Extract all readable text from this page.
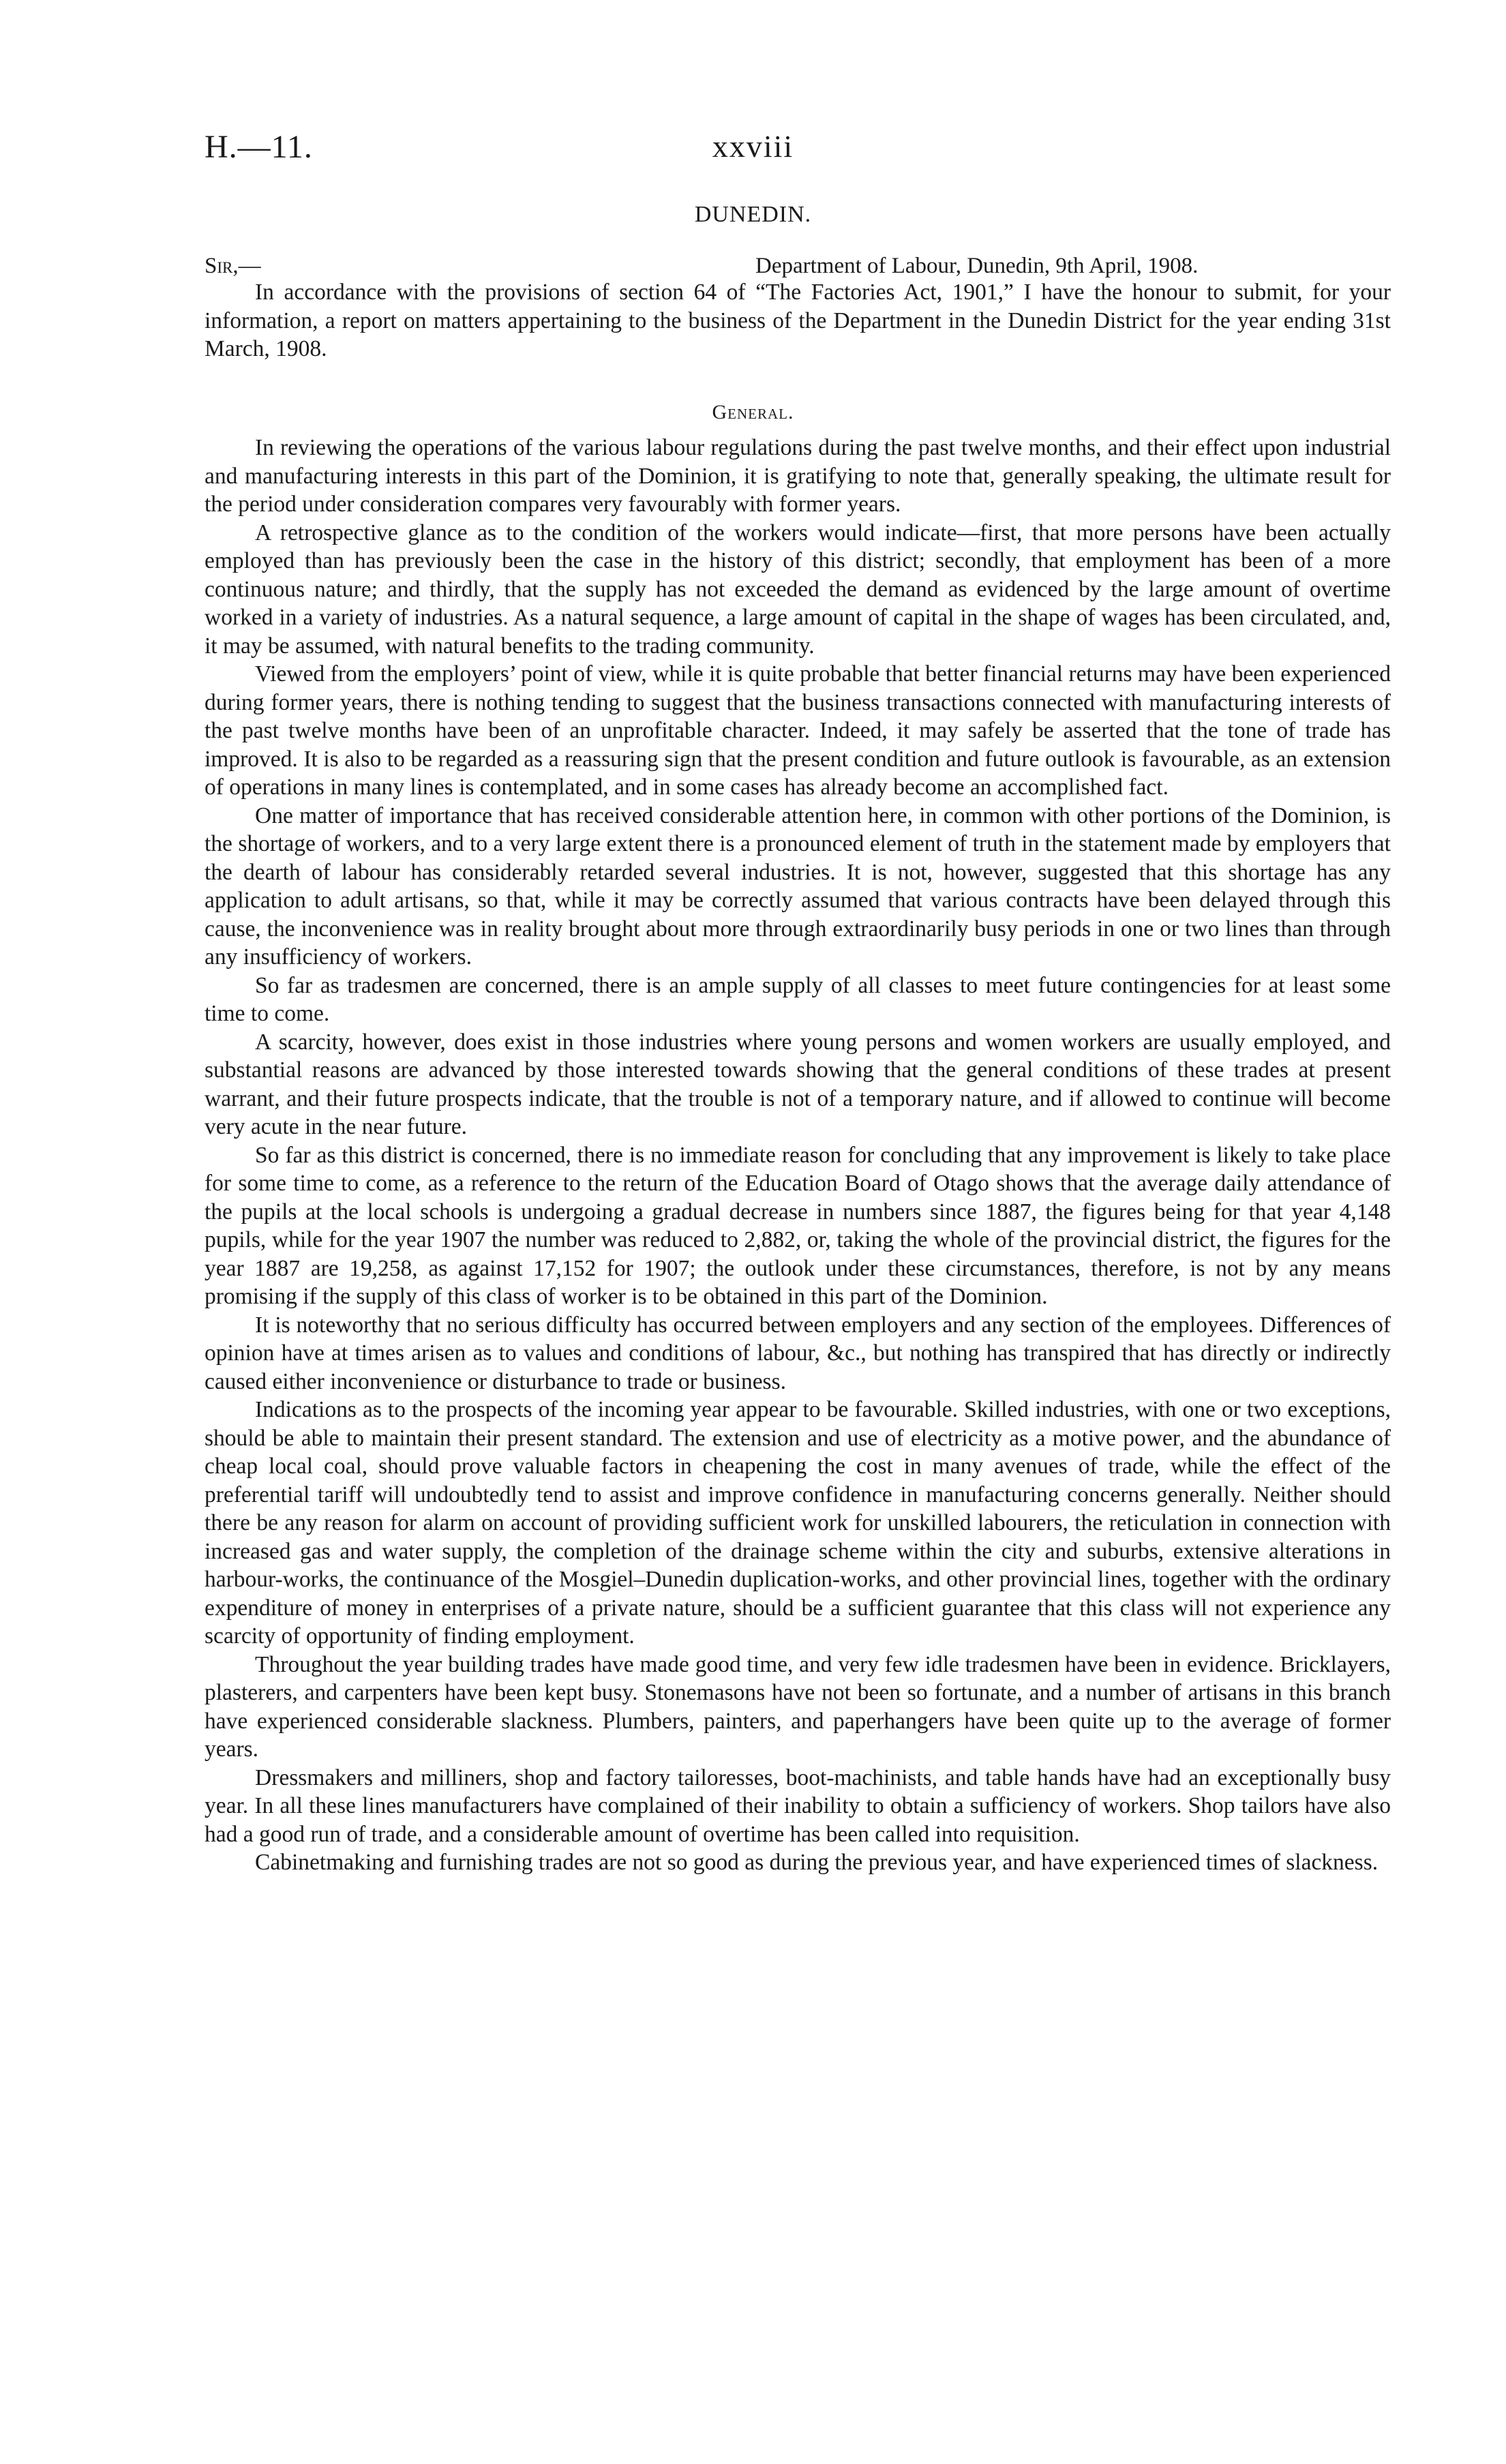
H.—11.	xxviii
DUNEDIN.
Sir,—	Department of Labour, Dunedin, 9th April, 1908.

In accordance with the provisions of section 64 of “The Factories Act, 1901,” I have the honour to submit, for your information, a report on matters appertaining to the business of the Department in the Dunedin District for the year ending 31st March, 1908.

General.

In reviewing the operations of the various labour regulations during the past twelve months, and their effect upon industrial and manufacturing interests in this part of the Dominion, it is gratifying to note that, generally speaking, the ultimate result for the period under consideration compares very favourably with former years.

A retrospective glance as to the condition of the workers would indicate—first, that more persons have been actually employed than has previously been the case in the history of this district; secondly, that employment has been of a more continuous nature; and thirdly, that the supply has not exceeded the demand as evidenced by the large amount of overtime worked in a variety of industries. As a natural sequence, a large amount of capital in the shape of wages has been circulated, and, it may be assumed, with natural benefits to the trading community.

Viewed from the employers’ point of view, while it is quite probable that better financial returns may have been experienced during former years, there is nothing tending to suggest that the business transactions connected with manufacturing interests of the past twelve months have been of an unprofitable character. Indeed, it may safely be asserted that the tone of trade has improved. It is also to be regarded as a reassuring sign that the present condition and future outlook is favourable, as an extension of operations in many lines is contemplated, and in some cases has already become an accomplished fact.

One matter of importance that has received considerable attention here, in common with other portions of the Dominion, is the shortage of workers, and to a very large extent there is a pronounced element of truth in the statement made by employers that the dearth of labour has considerably retarded several industries. It is not, however, suggested that this shortage has any application to adult artisans, so that, while it may be correctly assumed that various contracts have been delayed through this cause, the inconvenience was in reality brought about more through extraordinarily busy periods in one or two lines than through any insufficiency of workers.

So far as tradesmen are concerned, there is an ample supply of all classes to meet future contingencies for at least some time to come.

A scarcity, however, does exist in those industries where young persons and women workers are usually employed, and substantial reasons are advanced by those interested towards showing that the general conditions of these trades at present warrant, and their future prospects indicate, that the trouble is not of a temporary nature, and if allowed to continue will become very acute in the near future.

So far as this district is concerned, there is no immediate reason for concluding that any improvement is likely to take place for some time to come, as a reference to the return of the Education Board of Otago shows that the average daily attendance of the pupils at the local schools is undergoing a gradual decrease in numbers since 1887, the figures being for that year 4,148 pupils, while for the year 1907 the number was reduced to 2,882, or, taking the whole of the provincial district, the figures for the year 1887 are 19,258, as against 17,152 for 1907; the outlook under these circumstances, therefore, is not by any means promising if the supply of this class of worker is to be obtained in this part of the Dominion.

It is noteworthy that no serious difficulty has occurred between employers and any section of the employees. Differences of opinion have at times arisen as to values and conditions of labour, &c., but nothing has transpired that has directly or indirectly caused either inconvenience or disturbance to trade or business.

Indications as to the prospects of the incoming year appear to be favourable. Skilled industries, with one or two exceptions, should be able to maintain their present standard. The extension and use of electricity as a motive power, and the abundance of cheap local coal, should prove valuable factors in cheapening the cost in many avenues of trade, while the effect of the preferential tariff will undoubtedly tend to assist and improve confidence in manufacturing concerns generally. Neither should there be any reason for alarm on account of providing sufficient work for unskilled labourers, the reticulation in connection with increased gas and water supply, the completion of the drainage scheme within the city and suburbs, extensive alterations in harbour-works, the continuance of the Mosgiel–Dunedin duplication-works, and other provincial lines, together with the ordinary expenditure of money in enterprises of a private nature, should be a sufficient guarantee that this class will not experience any scarcity of opportunity of finding employment.

Throughout the year building trades have made good time, and very few idle tradesmen have been in evidence. Bricklayers, plasterers, and carpenters have been kept busy. Stonemasons have not been so fortunate, and a number of artisans in this branch have experienced considerable slackness. Plumbers, painters, and paperhangers have been quite up to the average of former years.

Dressmakers and milliners, shop and factory tailoresses, boot-machinists, and table hands have had an exceptionally busy year. In all these lines manufacturers have complained of their inability to obtain a sufficiency of workers. Shop tailors have also had a good run of trade, and a considerable amount of overtime has been called into requisition.

Cabinetmaking and furnishing trades are not so good as during the previous year, and have experienced times of slackness.
